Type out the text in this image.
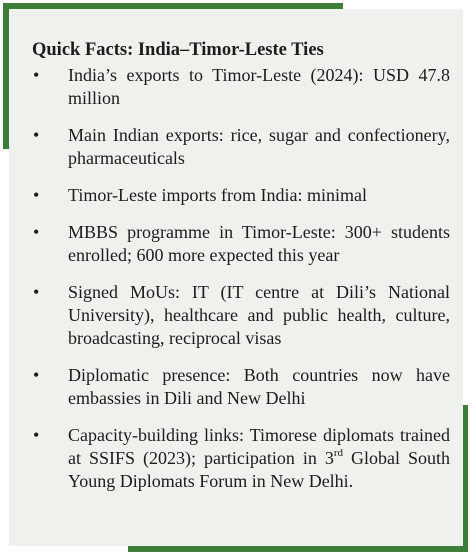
Quick Facts: India–Timor-Leste Ties
• India’s exports to Timor-Leste (2024): USD 47.8 million
• Main Indian exports: rice, sugar and confectionery, pharmaceuticals
• Timor-Leste imports from India: minimal
• MBBS programme in Timor-Leste: 300+ students enrolled; 600 more expected this year
• Signed MoUs: IT (IT centre at Dili’s National University), healthcare and public health, culture, broadcasting, reciprocal visas
• Diplomatic presence: Both countries now have embassies in Dili and New Delhi
• Capacity-building links: Timorese diplomats trained at SSIFS (2023); participation in 3rd Global South Young Diplomats Forum in New Delhi.
